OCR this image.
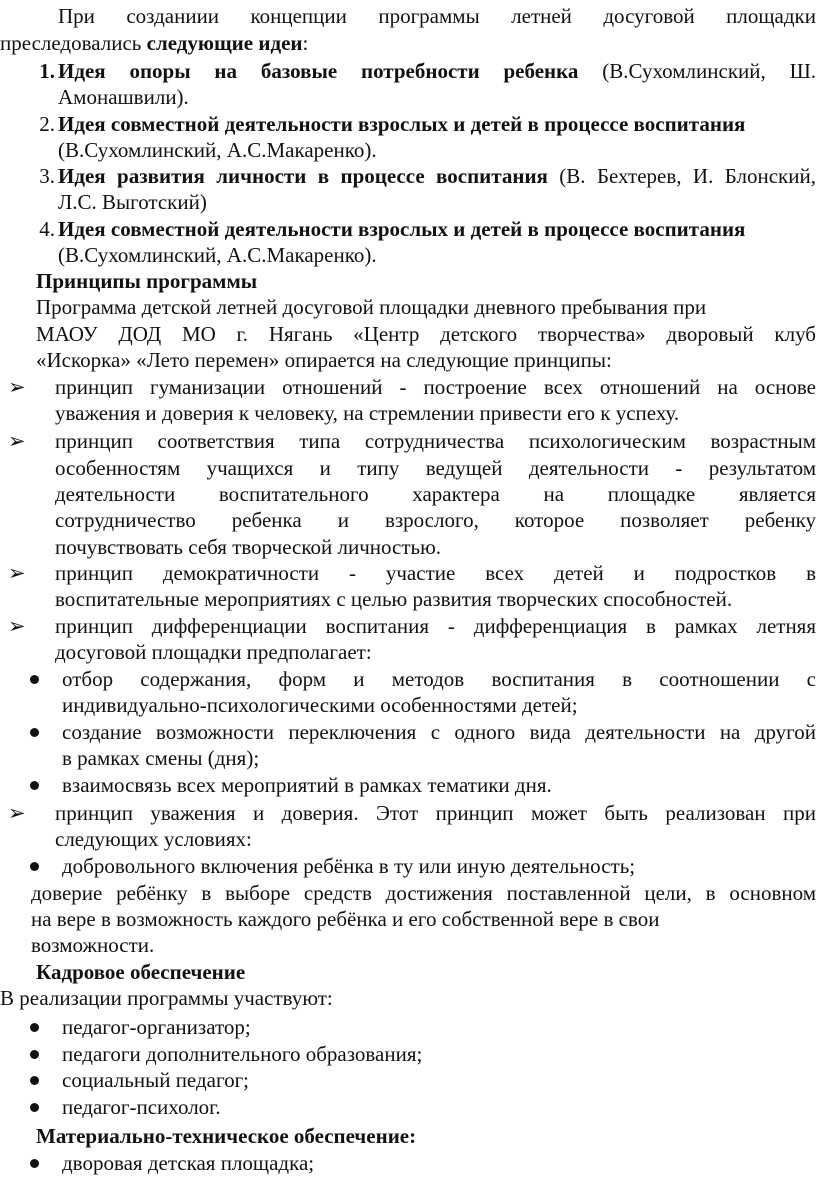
При созданиии концепции программы летней досуговой площадки
преследовались следующие идеи:
1. Идея опоры на базовые потребности ребенка (В.Сухомлинский, Ш.
Амонашвили).
2. Идея совместной деятельности взрослых и детей в процессе воспитания
(В.Сухомлинский, А.С.Макаренко).
3. Идея развития личности в процессе воспитания (В. Бехтерев, И. Блонский,
Л.С. Выготский)
4. Идея совместной деятельности взрослых и детей в процессе воспитания
(В.Сухомлинский, А.С.Макаренко).
Принципы программы
Программа детской летней досуговой площадки дневного пребывания при
МАОУ ДОД МО г. Нягань «Центр детского творчества» дворовый клуб
«Искорка» «Лето перемен» опирается на следующие принципы:
➢ принцип гуманизации отношений - построение всех отношений на основе
уважения и доверия к человеку, на стремлении привести его к успеху.
➢ принцип соответствия типа сотрудничества психологическим возрастным
особенностям учащихся и типу ведущей деятельности - результатом
деятельности воспитательного характера на площадке является
сотрудничество ребенка и взрослого, которое позволяет ребенку
почувствовать себя творческой личностью.
➢ принцип демократичности - участие всех детей и подростков в
воспитательные мероприятиях с целью развития творческих способностей.
➢ принцип дифференциации воспитания - дифференциация в рамках летняя
досуговой площадки предполагает:
отбор содержания, форм и методов воспитания в соотношении с
индивидуально-психологическими особенностями детей;
создание возможности переключения с одного вида деятельности на другой
в рамках смены (дня);
взаимосвязь всех мероприятий в рамках тематики дня.
➢ принцип уважения и доверия. Этот принцип может быть реализован при
следующих условиях:
добровольного включения ребёнка в ту или иную деятельность;
доверие ребёнку в выборе средств достижения поставленной цели, в основном
на вере в возможность каждого ребёнка и его собственной вере в свои
возможности.
Кадровое обеспечение
В реализации программы участвуют:
педагог-организатор;
педагоги дополнительного образования;
социальный педагог;
педагог-психолог.
Материально-техническое обеспечение:
дворовая детская площадка;
